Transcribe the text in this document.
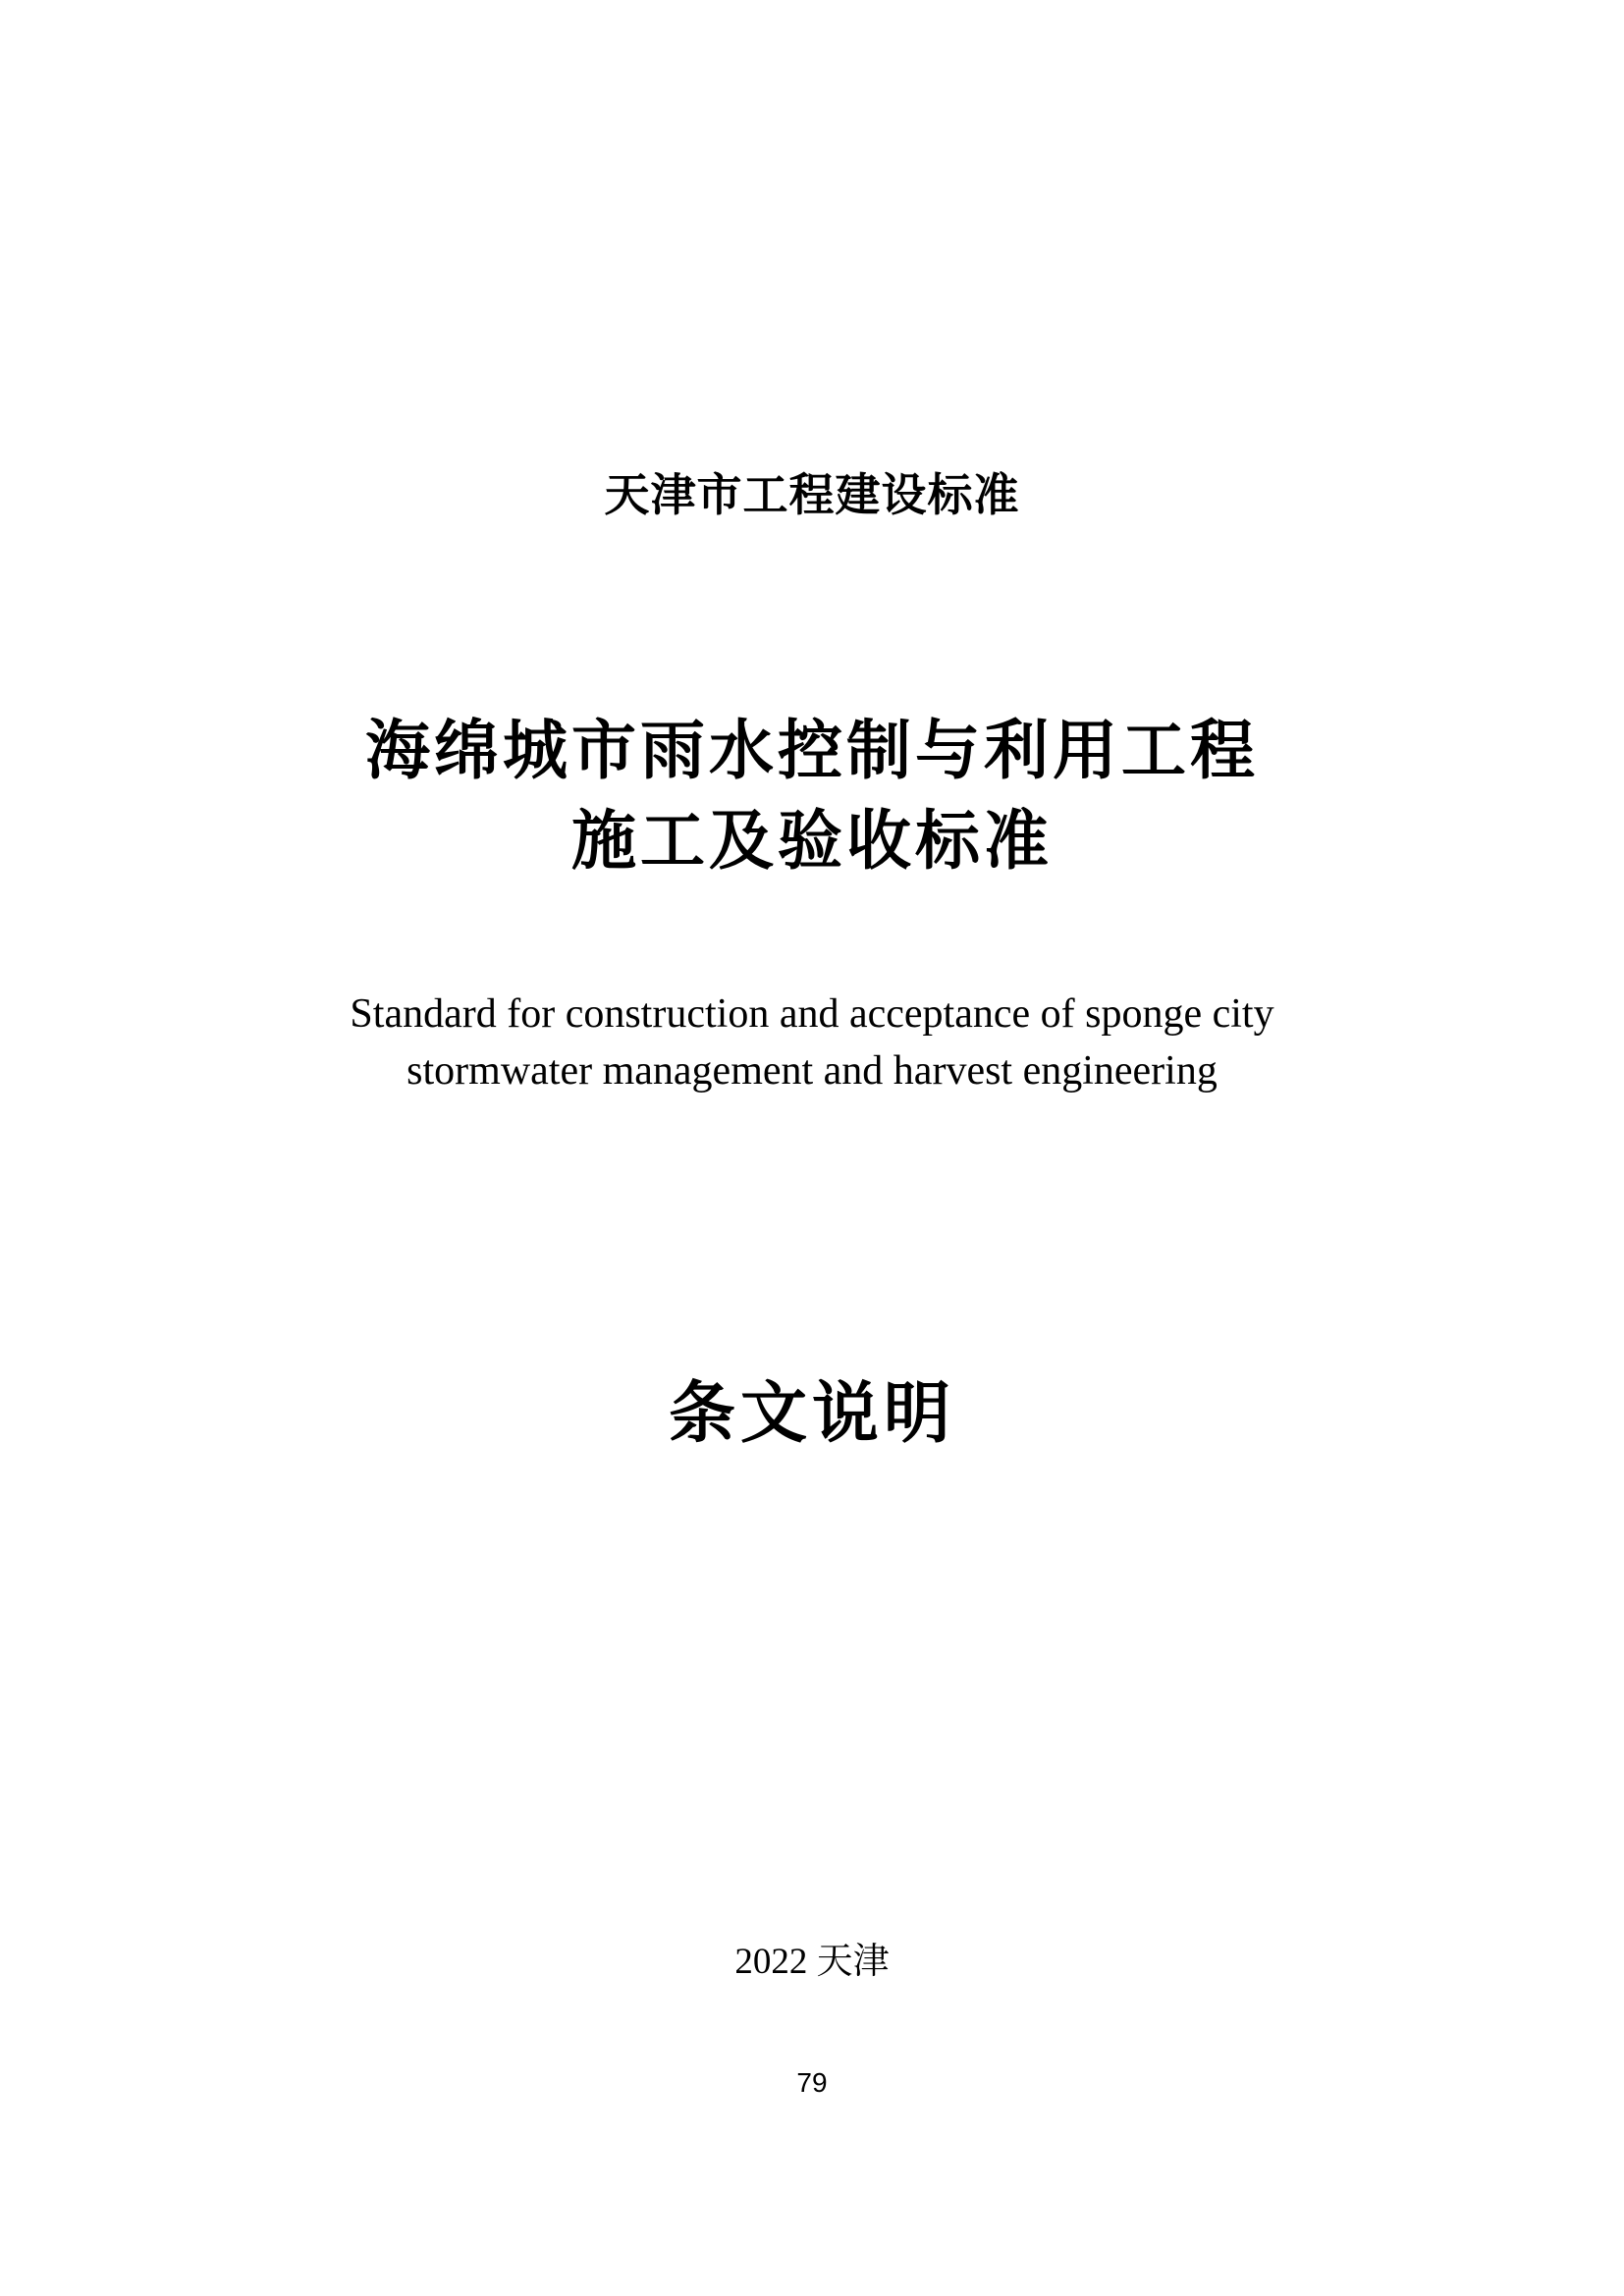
天津市工程建设标准
海绵城市雨水控制与利用工程
施工及验收标准
Standard for construction and acceptance of sponge city
stormwater management and harvest engineering
条文说明
2022 天津
79
